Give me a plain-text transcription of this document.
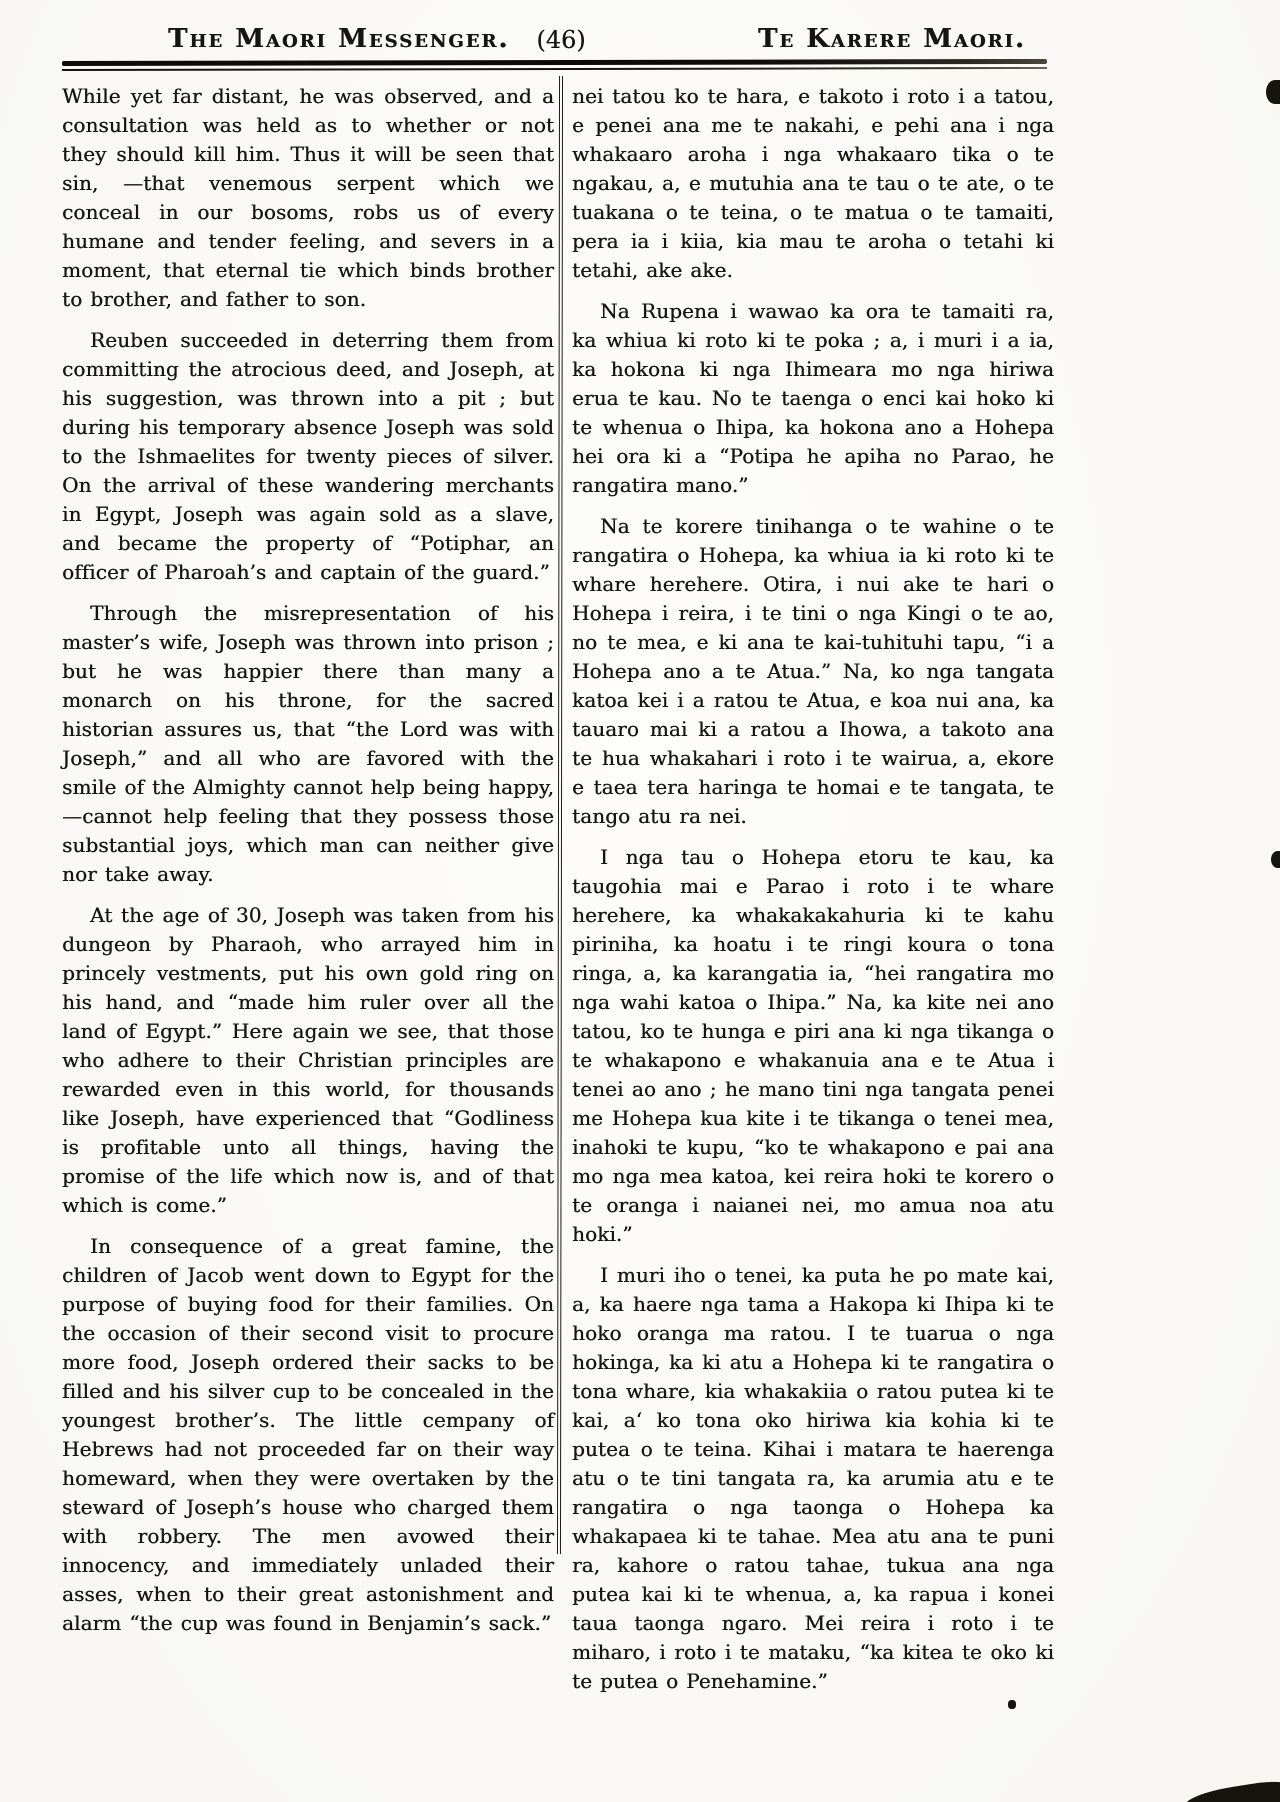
The Maori Messenger.	(46)	Te Karere Maori.

While yet far distant, he was observed, and a consultation was held as to whether or not they should kill him. Thus it will be seen that sin, —that venemous serpent which we conceal in our bosoms, robs us of every humane and tender feeling, and severs in a moment, that eternal tie which binds brother to brother, and father to son.

Reuben succeeded in deterring them from committing the atrocious deed, and Joseph, at his suggestion, was thrown into a pit ; but during his temporary absence Joseph was sold to the Ishmaelites for twenty pieces of silver. On the arrival of these wandering merchants in Egypt, Joseph was again sold as a slave, and became the property of “Potiphar, an officer of Pharoah’s and captain of the guard.”

Through the misrepresentation of his master’s wife, Joseph was thrown into prison ; but he was happier there than many a monarch on his throne, for the sacred historian assures us, that “the Lord was with Joseph,” and all who are favored with the smile of the Almighty cannot help being happy,—cannot help feeling that they possess those substantial joys, which man can neither give nor take away.

At the age of 30, Joseph was taken from his dungeon by Pharaoh, who arrayed him in princely vestments, put his own gold ring on his hand, and “made him ruler over all the land of Egypt.” Here again we see, that those who adhere to their Christian principles are rewarded even in this world, for thousands like Joseph, have experienced that “Godliness is profitable unto all things, having the promise of the life which now is, and of that which is come.”

In consequence of a great famine, the children of Jacob went down to Egypt for the purpose of buying food for their families. On the occasion of their second visit to procure more food, Joseph ordered their sacks to be filled and his silver cup to be concealed in the youngest brother’s. The little cempany of Hebrews had not proceeded far on their way homeward, when they were overtaken by the steward of Joseph’s house who charged them with robbery. The men avowed their innocency, and immediately unladed their asses, when to their great astonishment and alarm “the cup was found in Benjamin’s sack.”

nei tatou ko te hara, e takoto i roto i a tatou, e penei ana me te nakahi, e pehi ana i nga whakaaro aroha i nga whakaaro tika o te ngakau, a, e mutuhia ana te tau o te ate, o te tuakana o te teina, o te matua o te tamaiti, pera ia i kiia, kia mau te aroha o tetahi ki tetahi, ake ake.

Na Rupena i wawao ka ora te tamaiti ra, ka whiua ki roto ki te poka ; a, i muri i a ia, ka hokona ki nga Ihimeara mo nga hiriwa erua te kau. No te taenga o enci kai hoko ki te whenua o Ihipa, ka hokona ano a Hohepa hei ora ki a “Potipa he apiha no Parao, he rangatira mano.”

Na te korere tinihanga o te wahine o te rangatira o Hohepa, ka whiua ia ki roto ki te whare herehere. Otira, i nui ake te hari o Hohepa i reira, i te tini o nga Kingi o te ao, no te mea, e ki ana te kai-tuhituhi tapu, “i a Hohepa ano a te Atua.” Na, ko nga tangata katoa kei i a ratou te Atua, e koa nui ana, ka tauaro mai ki a ratou a Ihowa, a takoto ana te hua whakahari i roto i te wairua, a, ekore e taea tera haringa te homai e te tangata, te tango atu ra nei.

I nga tau o Hohepa etoru te kau, ka taugohia mai e Parao i roto i te whare herehere, ka whakakakahuria ki te kahu piriniha, ka hoatu i te ringi koura o tona ringa, a, ka karangatia ia, “hei rangatira mo nga wahi katoa o Ihipa.” Na, ka kite nei ano tatou, ko te hunga e piri ana ki nga tikanga o te whakapono e whakanuia ana e te Atua i tenei ao ano ; he mano tini nga tangata penei me Hohepa kua kite i te tikanga o tenei mea, inahoki te kupu, “ko te whakapono e pai ana mo nga mea katoa, kei reira hoki te korero o te oranga i naianei nei, mo amua noa atu hoki.”

I muri iho o tenei, ka puta he po mate kai, a, ka haere nga tama a Hakopa ki Ihipa ki te hoko oranga ma ratou. I te tuarua o nga hokinga, ka ki atu a Hohepa ki te rangatira o tona whare, kia whakakiia o ratou putea ki te kai, a‘ ko tona oko hiriwa kia kohia ki te putea o te teina. Kihai i matara te haerenga atu o te tini tangata ra, ka arumia atu e te rangatira o nga taonga o Hohepa ka whakapaea ki te tahae. Mea atu ana te puni ra, kahore o ratou tahae, tukua ana nga putea kai ki te whenua, a, ka rapua i konei taua taonga ngaro. Mei reira i roto i te miharo, i roto i te mataku, “ka kitea te oko ki te putea o Penehamine.”
